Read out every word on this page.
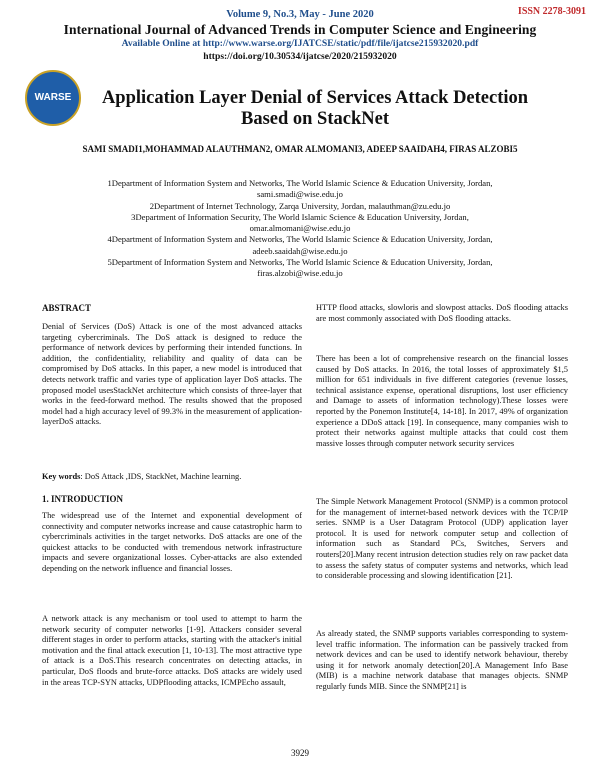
ISSN 2278-3091
Volume 9, No.3, May - June 2020
International Journal of Advanced Trends in Computer Science and Engineering
Available Online at http://www.warse.org/IJATCSE/static/pdf/file/ijatcse215932020.pdf
https://doi.org/10.30534/ijatcse/2020/215932020
WARSE	Application Layer Denial of Services Attack Detection Based on StackNet
SAMI SMADI1,MOHAMMAD ALAUTHMAN2, OMAR ALMOMANI3, ADEEP SAAIDAH4, FIRAS ALZOBI5

1Department of Information System and Networks, The World Islamic Science & Education University, Jordan, sami.smadi@wise.edu.jo

2Department of Internet Technology, Zarqa University, Jordan, malauthman@zu.edu.jo

3Department of Information Security, The World Islamic Science & Education University, Jordan, omar.almomani@wise.edu.jo

4Department of Information System and Networks, The World Islamic Science & Education University, Jordan, adeeb.saaidah@wise.edu.jo

5Department of Information System and Networks, The World Islamic Science & Education University, Jordan, firas.alzobi@wise.edu.jo

ABSTRACT
Denial of Services (DoS) Attack is one of the most advanced attacks targeting cybercriminals. The DoS attack is designed to reduce the performance of network devices by performing their intended functions. In addition, the confidentiality, reliability and quality of data can be compromised by DoS attacks. In this paper, a new model is introduced that detects network traffic and varies type of application layer DoS attacks. The proposed model usesStackNet architecture which consists of three-layer that works in the feed-forward method. The results showed that the proposed model had a high accuracy level of 99.3% in the measurement of application-layerDoS attacks.
Key words: DoS Attack ,IDS, StackNet, Machine learning.
1. INTRODUCTION
The widespread use of the Internet and exponential development of connectivity and computer networks increase and cause catastrophic harm to cybercriminals activities in the target networks. DoS attacks are one of the quickest attacks to be conducted with tremendous network infrastructure impacts and severe organizational losses. Cyber-attacks are also extended depending on the network influence and financial losses.
A network attack is any mechanism or tool used to attempt to harm the network security of computer networks [1-9]. Attackers consider several different stages in order to perform attacks, starting with the attacker's initial motivation and the final attack execution [1, 10-13]. The most attractive type of attack is a DoS.This research concentrates on detecting attacks, in particular, DoS floods and brute-force attacks. DoS attacks are widely used in the areas TCP-SYN attacks, UDPflooding attacks, ICMPEcho assault,
HTTP flood attacks, slowloris and slowpost attacks. DoS flooding attacks are most commonly associated with DoS flooding attacks.
There has been a lot of comprehensive research on the financial losses caused by DoS attacks. In 2016, the total losses of approximately $1,5 million for 651 individuals in five different categories (revenue losses, technical assistance expense, operational disruptions, lost user efficiency and Damage to assets of information technology).These losses were reported by the Ponemon Institute[4, 14-18]. In 2017, 49% of organization experience a DDoS attack [19]. In consequence, many companies wish to protect their networks against multiple attacks that could cost them massive losses through computer network security services
The Simple Network Management Protocol (SNMP) is a common protocol for the management of internet-based network devices with the TCP/IP series. SNMP is a User Datagram Protocol (UDP) application layer protocol. It is used for network computer setup and collection of information such as Standard PCs, Switches, Servers and routers[20].Many recent intrusion detection studies rely on raw packet data to assess the safety status of computer systems and networks, which lead to considerable processing and slowing identification [21].
As already stated, the SNMP supports variables corresponding to system-level traffic information. The information can be passively tracked from network devices and can be used to identify network behaviour, thereby using it for network anomaly detection[20].A Management Info Base (MIB) is a machine network database that manages objects. SNMP regularly funds MIB. Since the SNMP[21] is
3929
